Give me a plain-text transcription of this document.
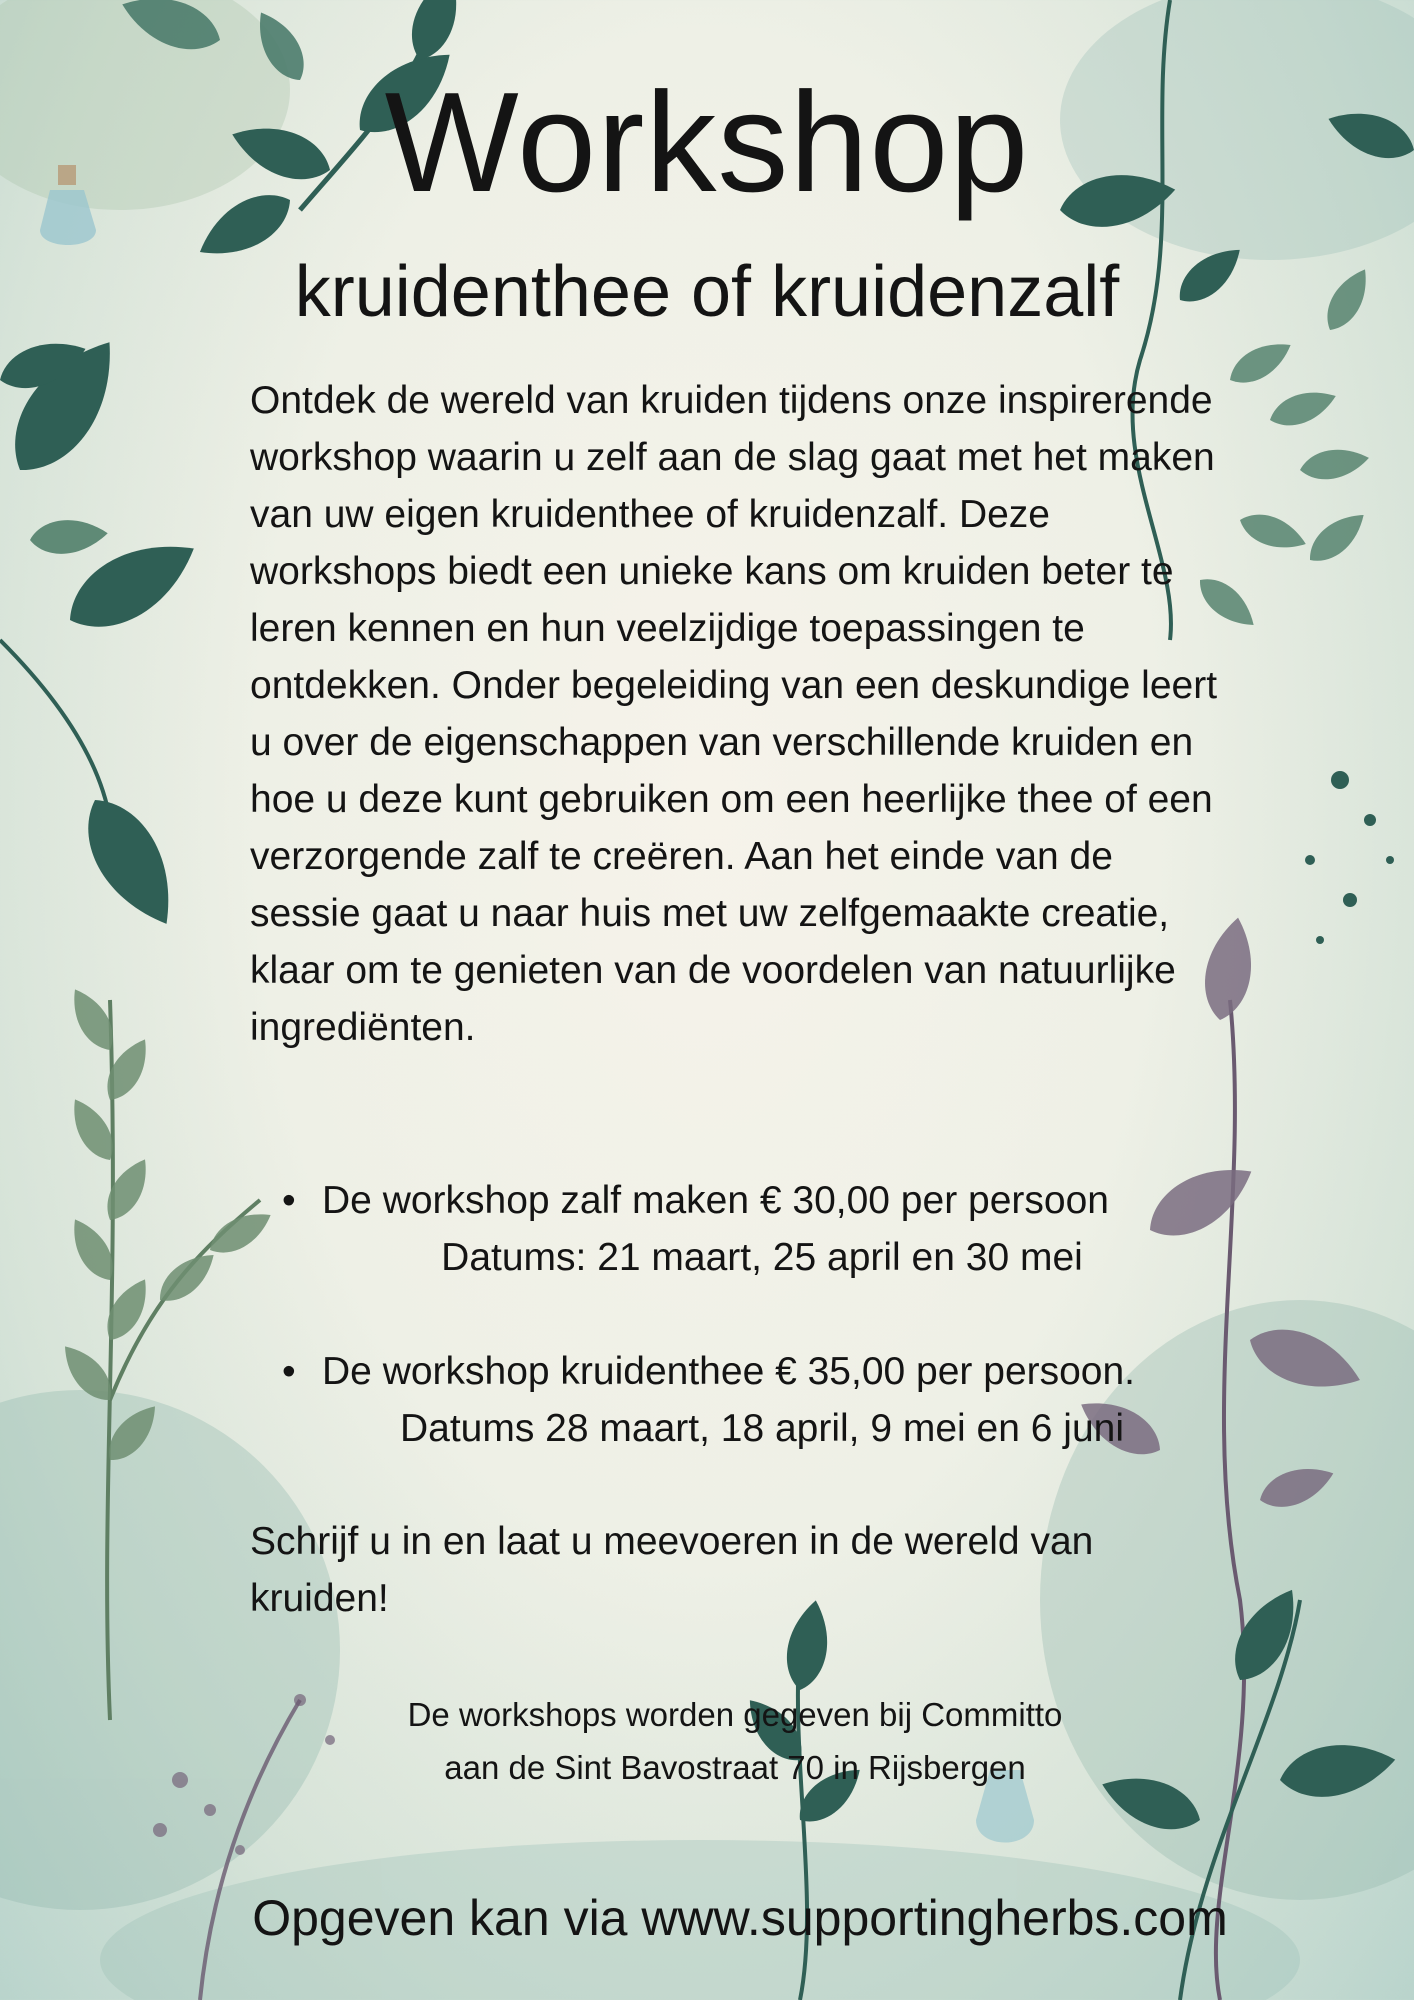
Workshop
kruidenthee of kruidenzalf

Ontdek de wereld van kruiden tijdens onze inspirerende workshop waarin u zelf aan de slag gaat met het maken van uw eigen kruidenthee of kruidenzalf. Deze workshops biedt een unieke kans om kruiden beter te leren kennen en hun veelzijdige toepassingen te ontdekken. Onder begeleiding van een deskundige leert u over de eigenschappen van verschillende kruiden en hoe u deze kunt gebruiken om een heerlijke thee of een verzorgende zalf te creëren. Aan het einde van de sessie gaat u naar huis met uw zelfgemaakte creatie, klaar om te genieten van de voordelen van natuurlijke ingrediënten.

• De workshop zalf maken € 30,00 per persoon
Datums: 21 maart, 25 april en 30 mei

• De workshop kruidenthee € 35,00 per persoon.
Datums 28 maart, 18 april, 9 mei en 6 juni

Schrijf u in en laat u meevoeren in de wereld van kruiden!

De workshops worden gegeven bij Committo
aan de Sint Bavostraat 70 in Rijsbergen

Opgeven kan via www.supportingherbs.com
